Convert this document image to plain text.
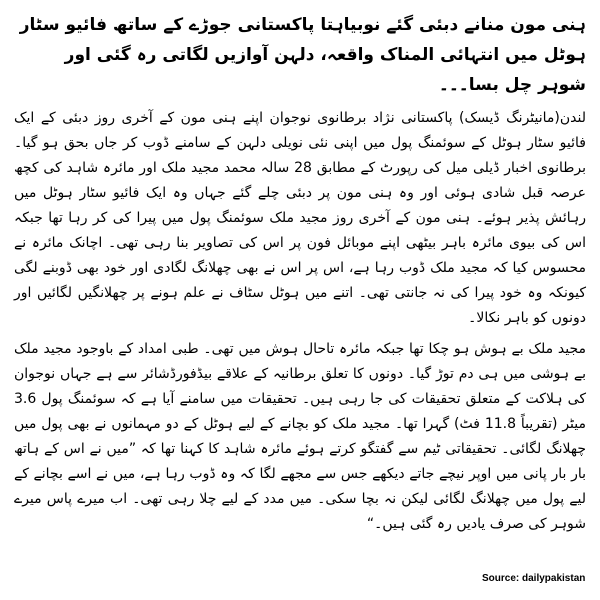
ہنی مون منانے دبئی گئے نوبیاہتا پاکستانی جوڑے کے ساتھ فائیو سٹار ہوٹل میں انتہائی المناک واقعہ، دلہن آوازیں لگاتی رہ گئی اور شوہر چل بسا۔۔۔

لندن(مانیٹرنگ ڈیسک) پاکستانی نژاد برطانوی نوجوان اپنے ہنی مون کے آخری روز دبئی کے ایک فائیو سٹار ہوٹل کے سوئمنگ پول میں اپنی نئی نویلی دلہن کے سامنے ڈوب کر جاں بحق ہو گیا۔ برطانوی اخبار ڈیلی میل کی رپورٹ کے مطابق 28 سالہ محمد مجید ملک اور مائرہ شاہد کی کچھ عرصہ قبل شادی ہوئی اور وہ ہنی مون پر دبئی چلے گئے جہاں وہ ایک فائیو سٹار ہوٹل میں رہائش پذیر ہوئے۔ ہنی مون کے آخری روز مجید ملک سوئمنگ پول میں پیرا کی کر رہا تھا جبکہ اس کی بیوی مائرہ باہر بیٹھی اپنے موبائل فون پر اس کی تصاویر بنا رہی تھی۔ اچانک مائرہ نے محسوس کیا کہ مجید ملک ڈوب رہا ہے، اس پر اس نے بھی چھلانگ لگادی اور خود بھی ڈوبنے لگی کیونکہ وہ خود پیرا کی نہ جانتی تھی۔ اتنے میں ہوٹل سٹاف نے علم ہونے پر چھلانگیں لگائیں اور دونوں کو باہر نکالا۔

مجید ملک بے ہوش ہو چکا تھا جبکہ مائرہ تاحال ہوش میں تھی۔ طبی امداد کے باوجود مجید ملک بے ہوشی میں ہی دم توڑ گیا۔ دونوں کا تعلق برطانیہ کے علاقے بیڈفورڈشائر سے ہے جہاں نوجوان کی ہلاکت کے متعلق تحقیقات کی جا رہی ہیں۔ تحقیقات میں سامنے آیا ہے کہ سوئمنگ پول 3.6 میٹر (تقریباً 11.8 فٹ) گہرا تھا۔ مجید ملک کو بچانے کے لیے ہوٹل کے دو مہمانوں نے بھی پول میں چھلانگ لگائی۔ تحقیقاتی ٹیم سے گفتگو کرتے ہوئے مائرہ شاہد کا کہنا تھا کہ ”میں نے اس کے ہاتھ بار بار پانی میں اوپر نیچے جاتے دیکھے جس سے مجھے لگا کہ وہ ڈوب رہا ہے، میں نے اسے بچانے کے لیے پول میں چھلانگ لگائی لیکن نہ بچا سکی۔ میں مدد کے لیے چلا رہی تھی۔ اب میرے پاس میرے شوہر کی صرف یادیں رہ گئی ہیں۔“

Source: dailypakistan
